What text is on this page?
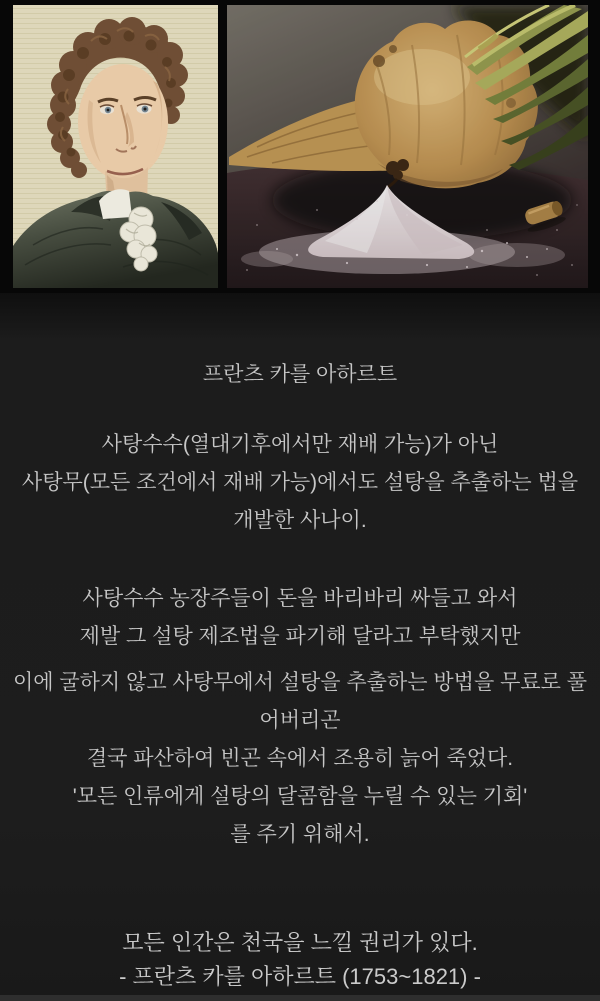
프란츠 카를 아하르트
사탕수수(열대기후에서만 재배 가능)가 아닌
사탕무(모든 조건에서 재배 가능)에서도 설탕을 추출하는 법을
개발한 사나이.
사탕수수 농장주들이 돈을 바리바리 싸들고 와서
제발 그 설탕 제조법을 파기해 달라고 부탁했지만
이에 굴하지 않고 사탕무에서 설탕을 추출하는 방법을 무료로 풀
어버리곤
결국 파산하여 빈곤 속에서 조용히 늙어 죽었다.
'모든 인류에게 설탕의 달콤함을 누릴 수 있는 기회'
를 주기 위해서.
모든 인간은 천국을 느낄 권리가 있다.
- 프란츠 카를 아하르트 (1753~1821) -
